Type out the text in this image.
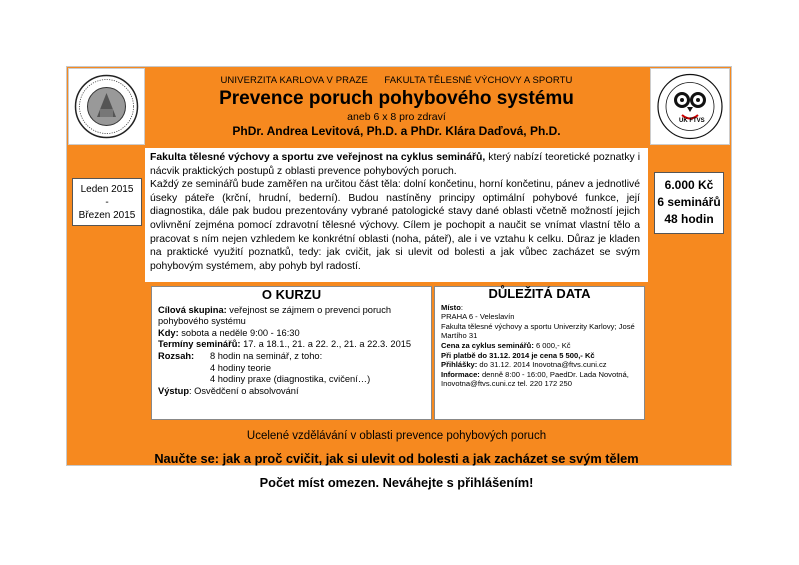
UK FTVS
UNIVERZITA KARLOVA V PRAZE FAKULTA TĚLESNÉ VÝCHOVY A SPORTU
Prevence poruch pohybového systému
aneb 6 x 8 pro zdraví
PhDr. Andrea Levitová, Ph.D. a PhDr. Klára Daďová, Ph.D.
Leden 2015
-
Březen 2015
6.000 Kč
6 seminářů
48 hodin
Fakulta tělesné výchovy a sportu zve veřejnost na cyklus seminářů, který nabízí teoretické poznatky i nácvik praktických postupů z oblasti prevence pohybových poruch.
Každý ze seminářů bude zaměřen na určitou část těla: dolní končetinu, horní končetinu, pánev a jednotlivé úseky páteře (krční, hrudní, bederní). Budou nastíněny principy optimální pohybové funkce, její diagnostika, dále pak budou prezentovány vybrané patologické stavy dané oblasti včetně možností jejich ovlivnění zejména pomocí zdravotní tělesné výchovy. Cílem je pochopit a naučit se vnímat vlastní tělo a pracovat s ním nejen vzhledem ke konkrétní oblasti (noha, páteř), ale i ve vztahu k celku. Důraz je kladen na praktické využití poznatků, tedy: jak cvičit, jak si ulevit od bolesti a jak vůbec zacházet se svým pohybovým systémem, aby pohyb byl radostí.
O KURZU

Cílová skupina: veřejnost se zájmem o prevenci poruch pohybového systému

Kdy: sobota a neděle 9:00 - 16:30

Termíny seminářů: 17. a 18.1., 21. a 22. 2., 21. a 22.3. 2015

Rozsah: 8 hodin na seminář, z toho:

4 hodiny teorie

4 hodiny praxe (diagnostika, cvičení…)

Výstup: Osvědčení o absolvování

DŮLEŽITÁ DATA

Místo:

PRAHA 6 - Veleslavín

Fakulta tělesné výchovy a sportu Univerzity Karlovy; José Martího 31

Cena za cyklus seminářů: 6 000,- Kč

Při platbě do 31.12. 2014 je cena 5 500,- Kč

Přihlášky: do 31.12. 2014 Inovotna@ftvs.cuni.cz

Informace: denně 8:00 - 16:00, PaedDr. Lada Novotná, Inovotna@ftvs.cuni.cz tel. 220 172 250

Ucelené vzdělávání v oblasti prevence pohybových poruch
Naučte se: jak a proč cvičit, jak si ulevit od bolesti a jak zacházet se svým tělem
Počet míst omezen. Neváhejte s přihlášením!
